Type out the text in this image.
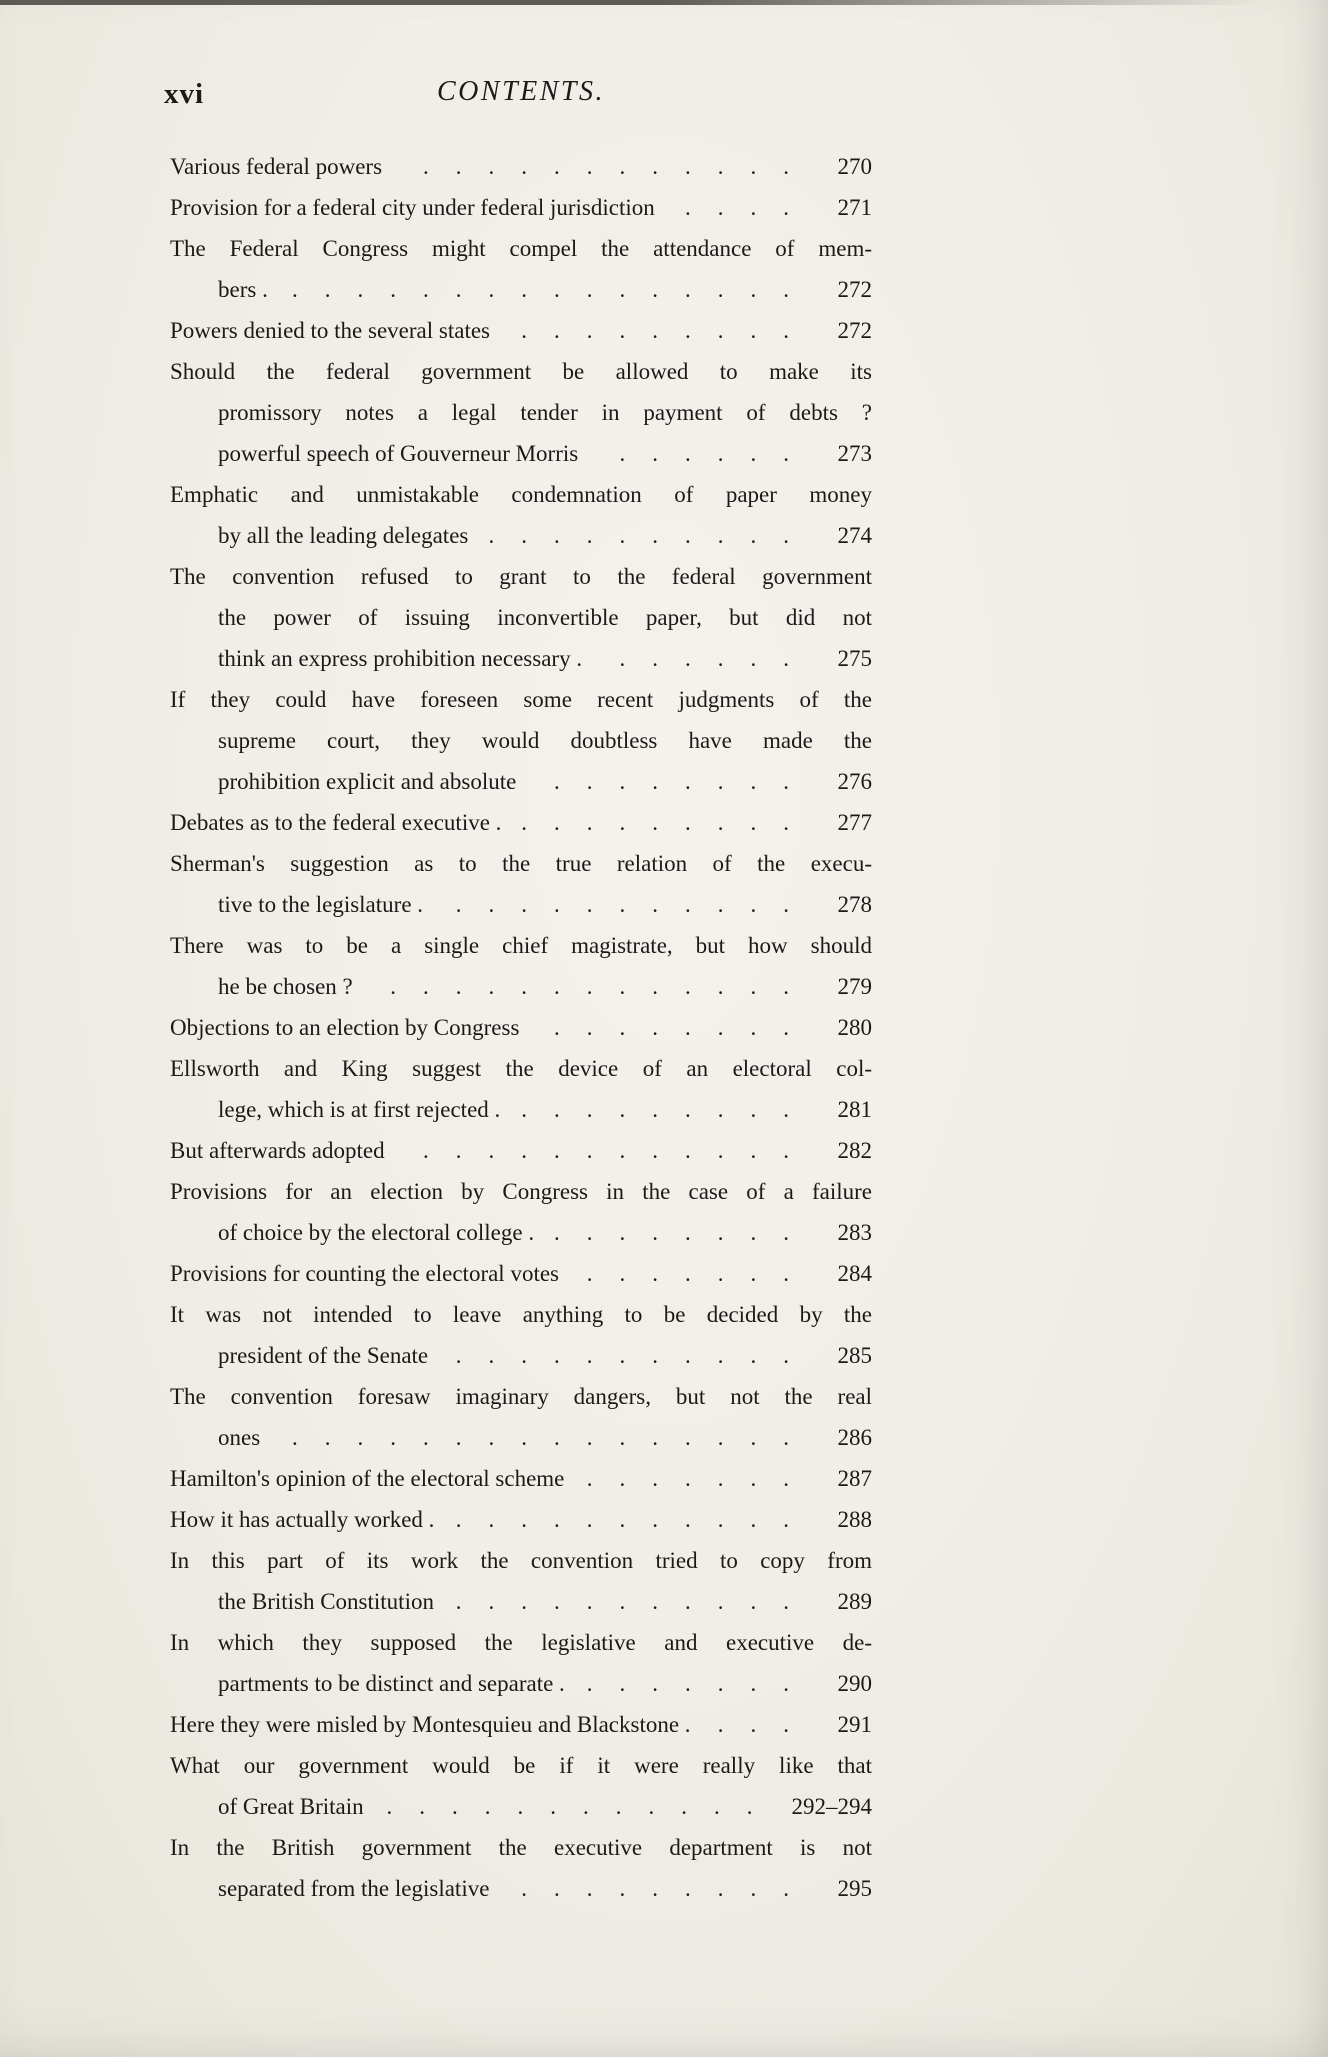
xvi	CONTENTS.
Various federal powers .....	270
Provision for a federal city under federal jurisdiction .....	271
The Federal Congress might compel the attendance of mem-
bers . .....	272
Powers denied to the several states .....	272
Should the federal government be allowed to make its
promissory notes a legal tender in payment of debts ?
powerful speech of Gouverneur Morris .....	273
Emphatic and unmistakable condemnation of paper money
by all the leading delegates .....	274
The convention refused to grant to the federal government
the power of issuing inconvertible paper, but did not
think an express prohibition necessary . .....	275
If they could have foreseen some recent judgments of the
supreme court, they would doubtless have made the
prohibition explicit and absolute .....	276
Debates as to the federal executive . .....	277
Sherman's suggestion as to the true relation of the execu-
tive to the legislature . .....	278
There was to be a single chief magistrate, but how should
he be chosen ? .....	279
Objections to an election by Congress .....	280
Ellsworth and King suggest the device of an electoral col-
lege, which is at first rejected . .....	281
But afterwards adopted .....	282
Provisions for an election by Congress in the case of a failure
of choice by the electoral college . .....	283
Provisions for counting the electoral votes .....	284
It was not intended to leave anything to be decided by the
president of the Senate .....	285
The convention foresaw imaginary dangers, but not the real
ones .....	286
Hamilton's opinion of the electoral scheme .....	287
How it has actually worked . .....	288
In this part of its work the convention tried to copy from
the British Constitution .....	289
In which they supposed the legislative and executive de-
partments to be distinct and separate . .....	290
Here they were misled by Montesquieu and Blackstone . .....	291
What our government would be if it were really like that
of Great Britain .....	292–294
In the British government the executive department is not
separated from the legislative .....	295
